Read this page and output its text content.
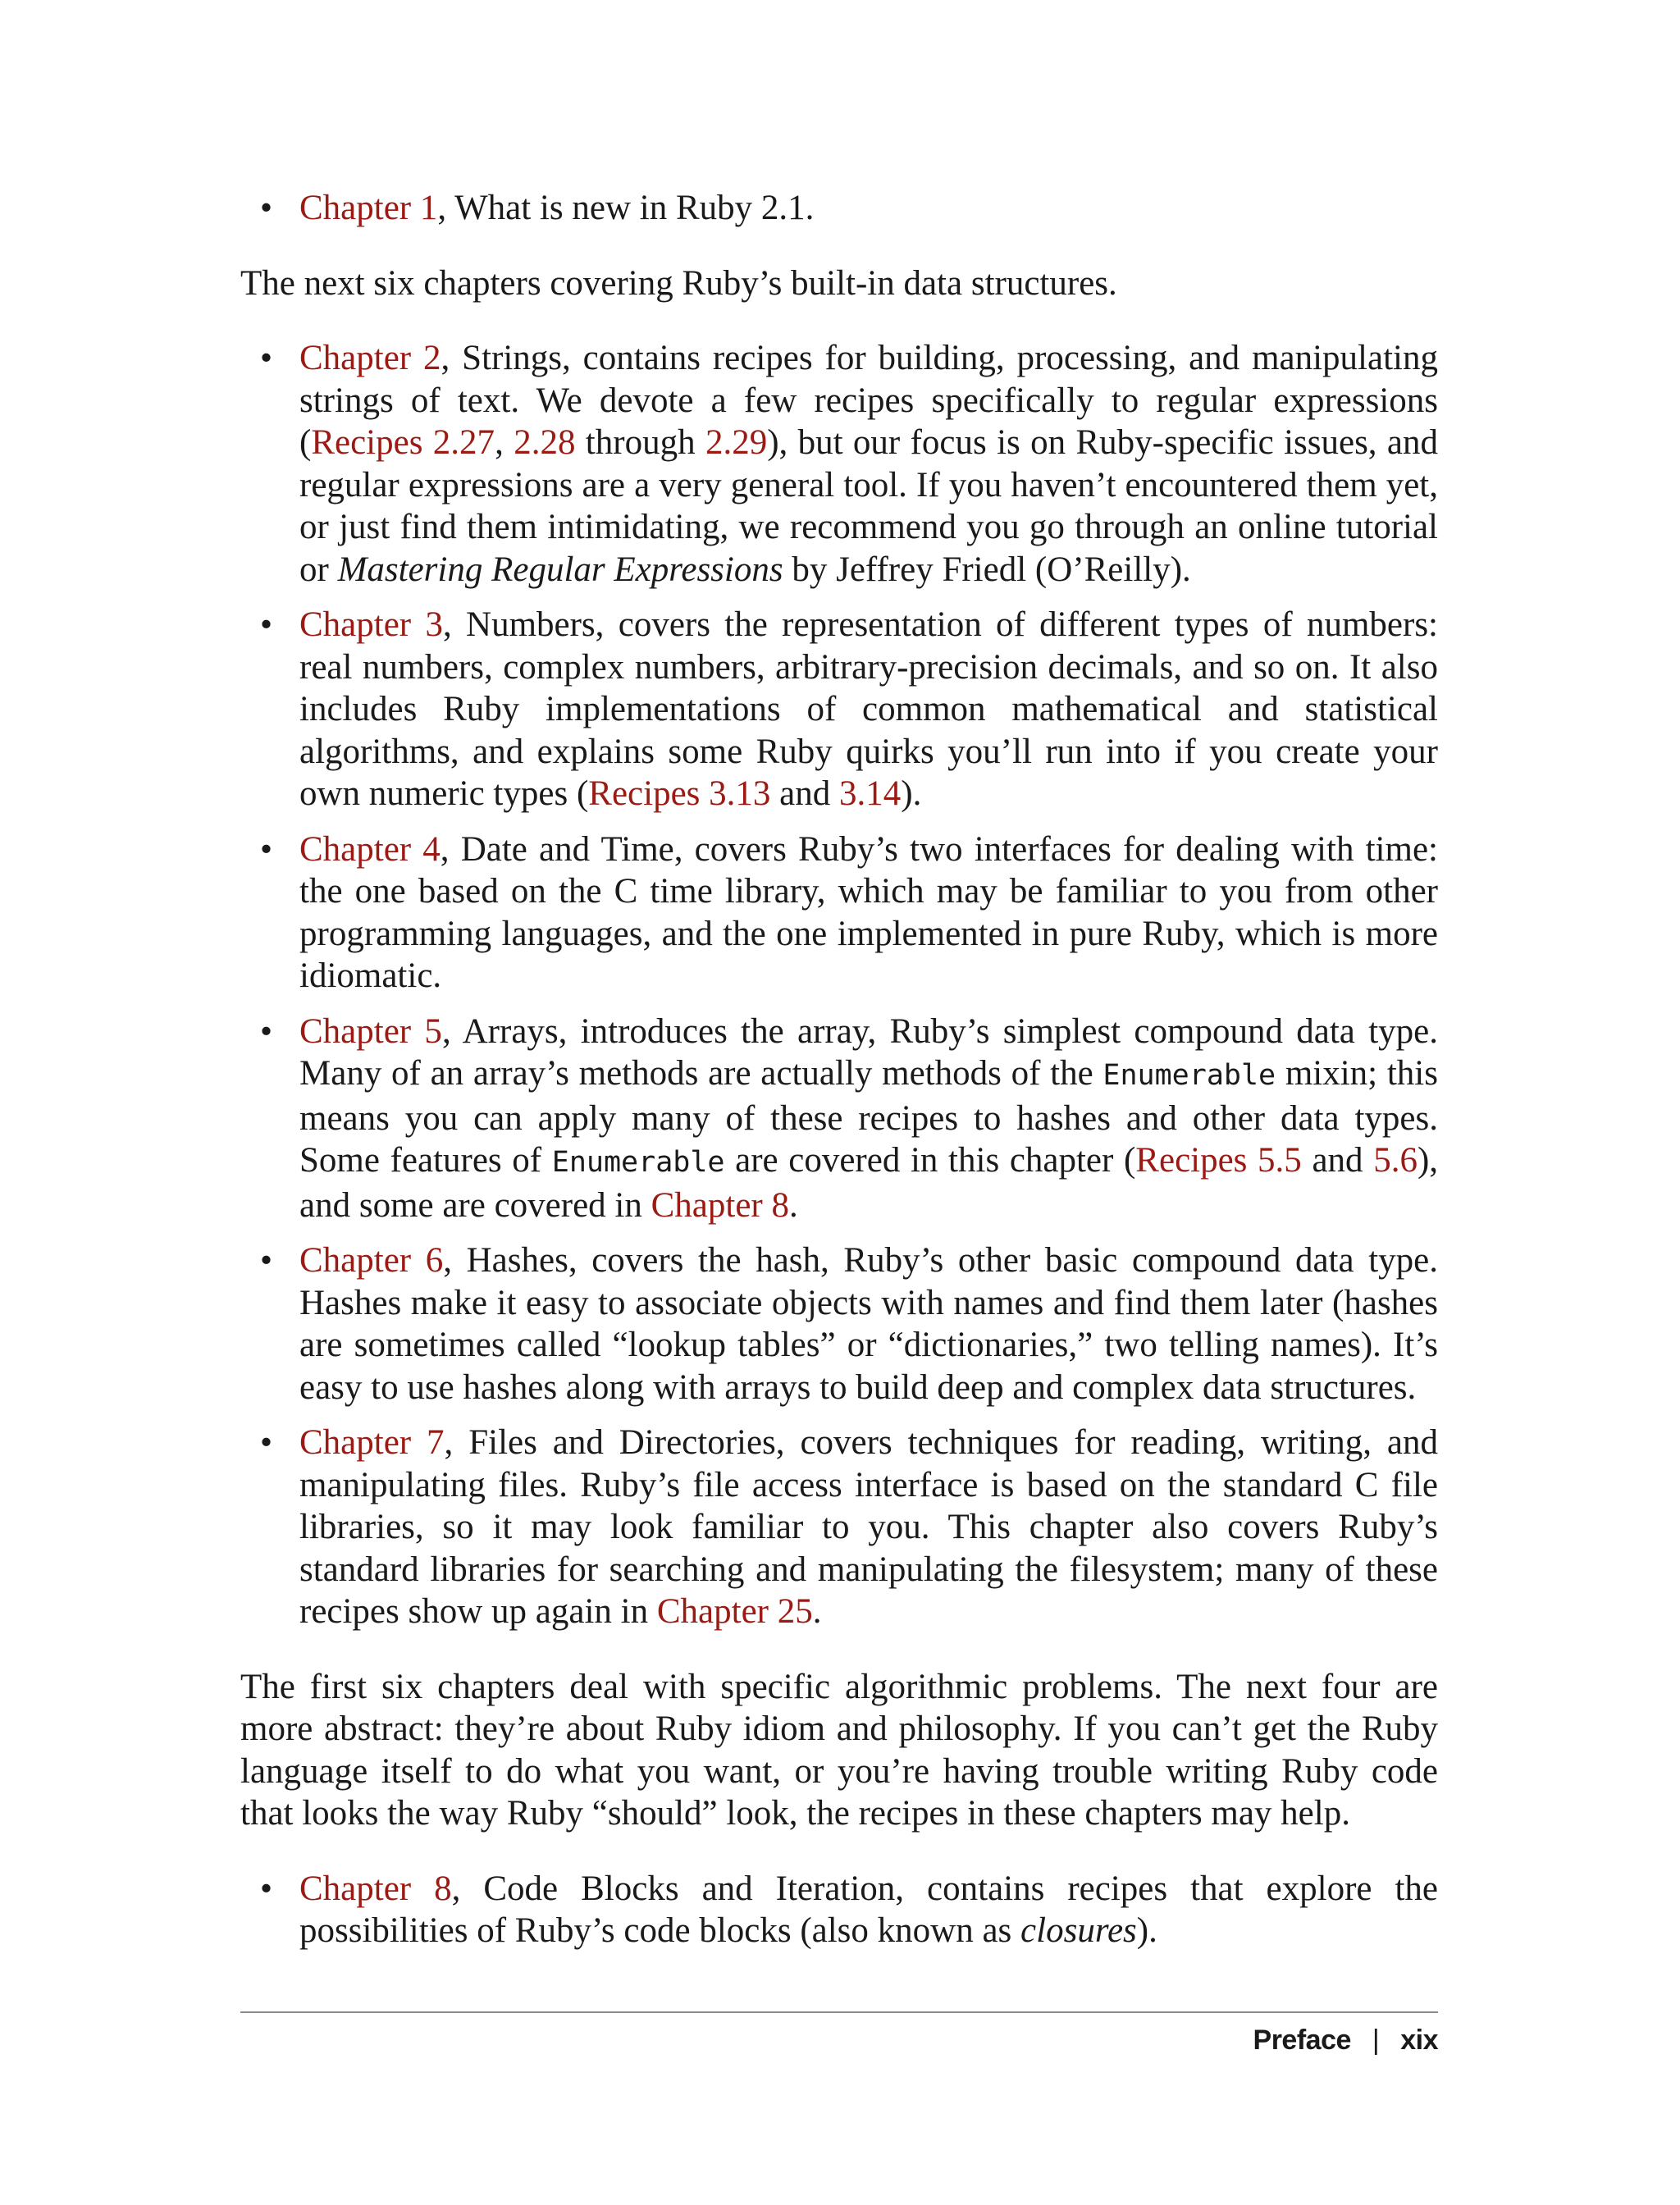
• Chapter 1, What is new in Ruby 2.1.

The next six chapters covering Ruby’s built-in data structures.

• Chapter 2, Strings, contains recipes for building, processing, and manipulating strings of text. We devote a few recipes specifically to regular expressions (Recipes 2.27, 2.28 through 2.29), but our focus is on Ruby-specific issues, and regular expressions are a very general tool. If you haven’t encountered them yet, or just find them intimidating, we recommend you go through an online tutorial or Mastering Regular Expressions by Jeffrey Friedl (O’Reilly).
• Chapter 3, Numbers, covers the representation of different types of numbers: real numbers, complex numbers, arbitrary-precision decimals, and so on. It also includes Ruby implementations of common mathematical and statistical algorithms, and explains some Ruby quirks you’ll run into if you create your own numeric types (Recipes 3.13 and 3.14).
• Chapter 4, Date and Time, covers Ruby’s two interfaces for dealing with time: the one based on the C time library, which may be familiar to you from other programming languages, and the one implemented in pure Ruby, which is more idiomatic.
• Chapter 5, Arrays, introduces the array, Ruby’s simplest compound data type. Many of an array’s methods are actually methods of the Enumerable mixin; this means you can apply many of these recipes to hashes and other data types. Some features of Enumerable are covered in this chapter (Recipes 5.5 and 5.6), and some are covered in Chapter 8.
• Chapter 6, Hashes, covers the hash, Ruby’s other basic compound data type. Hashes make it easy to associate objects with names and find them later (hashes are sometimes called “lookup tables” or “dictionaries,” two telling names). It’s easy to use hashes along with arrays to build deep and complex data structures.
• Chapter 7, Files and Directories, covers techniques for reading, writing, and manipulating files. Ruby’s file access interface is based on the standard C file libraries, so it may look familiar to you. This chapter also covers Ruby’s standard libraries for searching and manipulating the filesystem; many of these recipes show up again in Chapter 25.

The first six chapters deal with specific algorithmic problems. The next four are more abstract: they’re about Ruby idiom and philosophy. If you can’t get the Ruby language itself to do what you want, or you’re having trouble writing Ruby code that looks the way Ruby “should” look, the recipes in these chapters may help.

• Chapter 8, Code Blocks and Iteration, contains recipes that explore the possibilities of Ruby’s code blocks (also known as closures).
Preface | xix
